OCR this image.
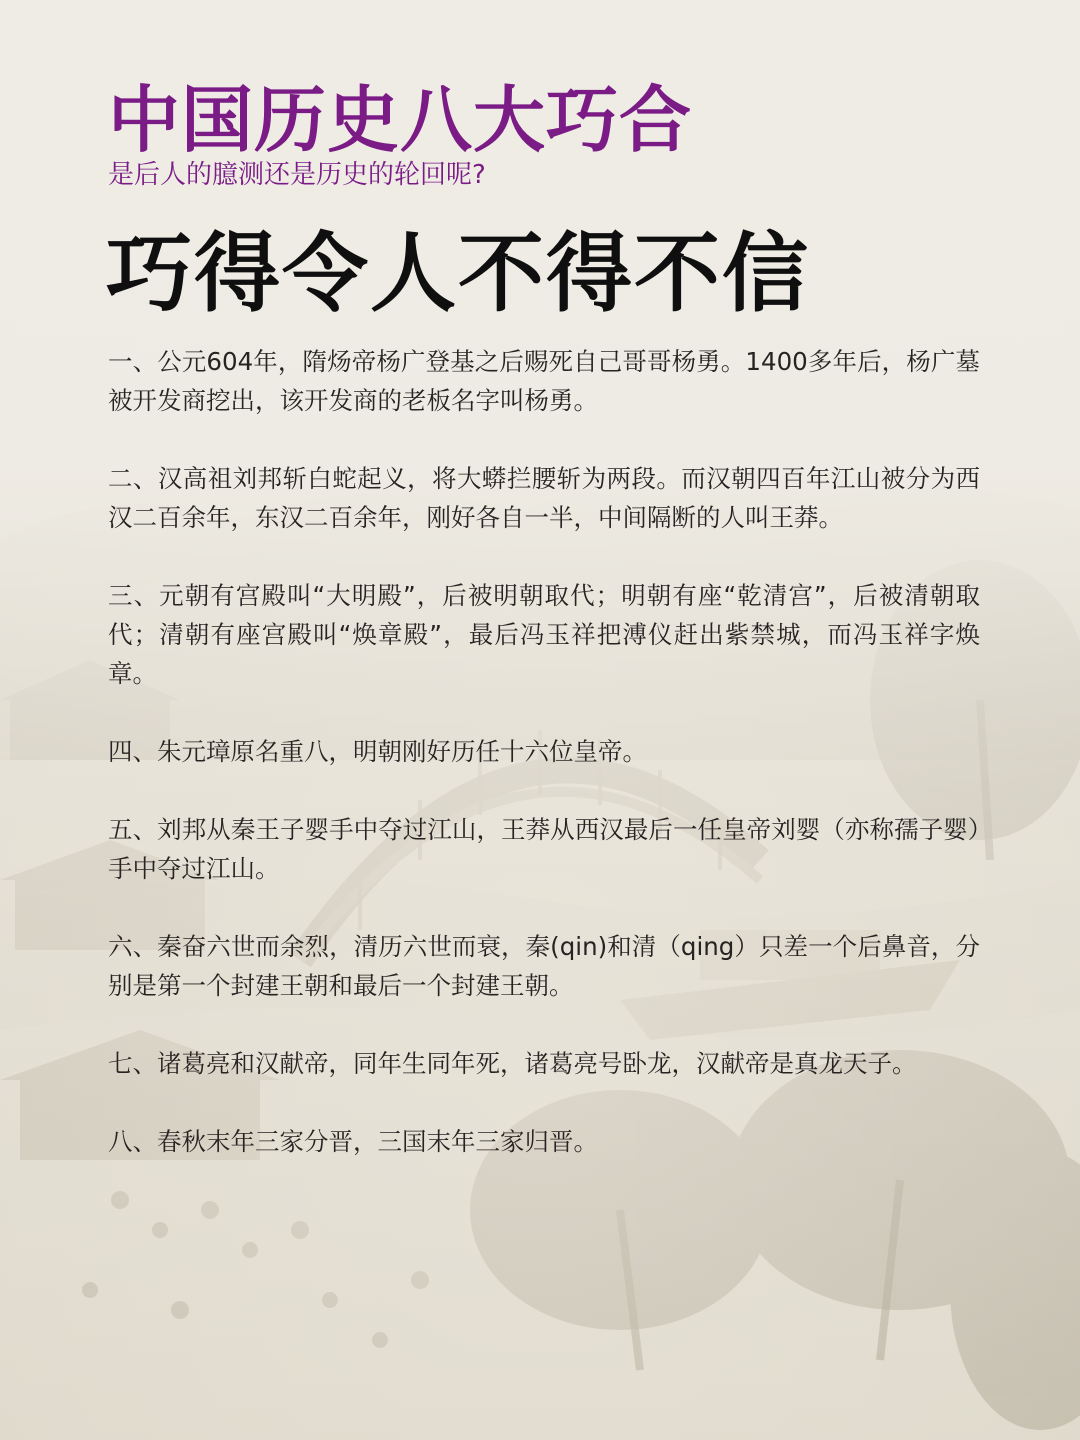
中国历史八大巧合

是后人的臆测还是历史的轮回呢?

巧得令人不得不信
一、公元604年，隋炀帝杨广登基之后赐死自己哥哥杨勇。1400多年后，杨广墓被开发商挖出，该开发商的老板名字叫杨勇。
二、汉高祖刘邦斩白蛇起义，将大蟒拦腰斩为两段。而汉朝四百年江山被分为西汉二百余年，东汉二百余年，刚好各自一半，中间隔断的人叫王莽。
三、元朝有宫殿叫“大明殿”，后被明朝取代；明朝有座“乾清宫”，后被清朝取代；清朝有座宫殿叫“焕章殿”，最后冯玉祥把溥仪赶出紫禁城，而冯玉祥字焕章。
四、朱元璋原名重八，明朝刚好历任十六位皇帝。
五、刘邦从秦王子婴手中夺过江山，王莽从西汉最后一任皇帝刘婴（亦称孺子婴）手中夺过江山。
六、秦奋六世而余烈，清历六世而衰，秦(qin)和清（qing）只差一个后鼻音，分别是第一个封建王朝和最后一个封建王朝。
七、诸葛亮和汉献帝，同年生同年死，诸葛亮号卧龙，汉献帝是真龙天子。
八、春秋末年三家分晋，三国末年三家归晋。
